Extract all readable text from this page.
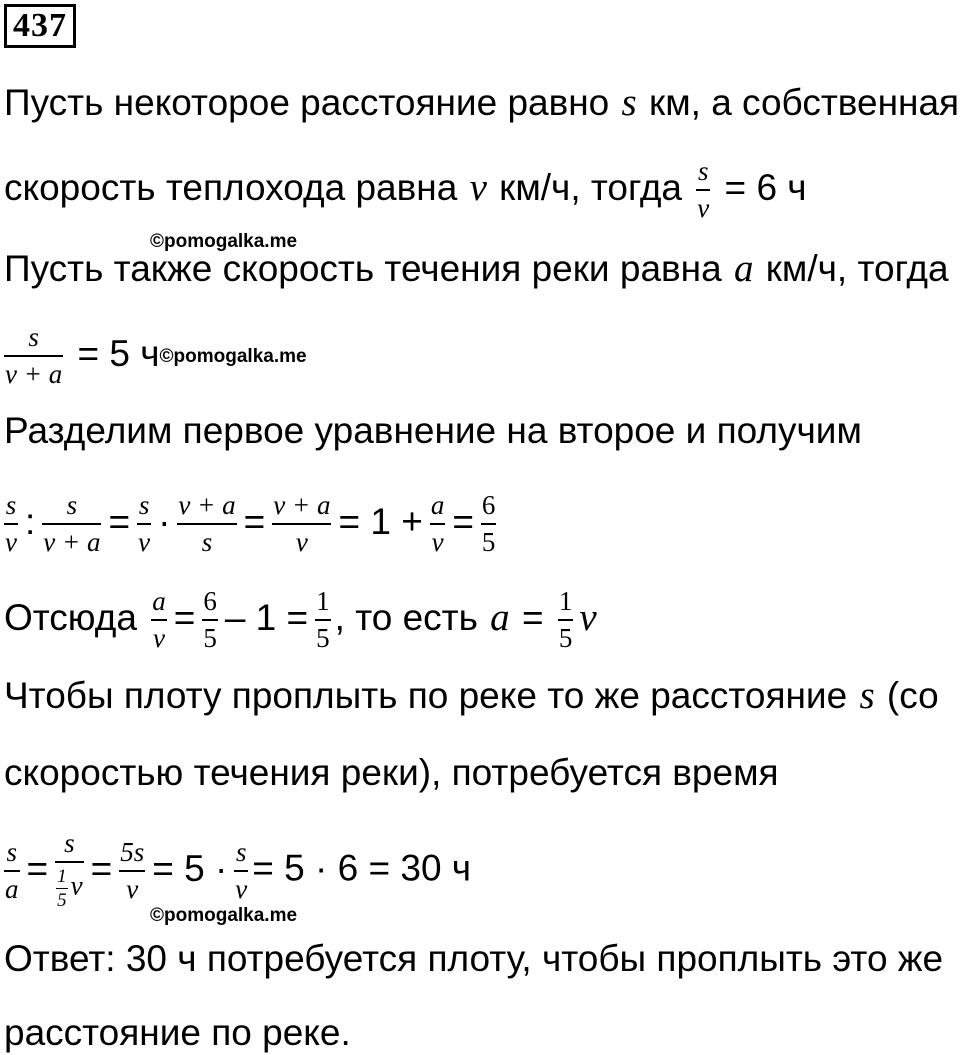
437
Пусть некоторое расстояние равно s км, а собственная
скорость теплохода равна v км/ч, тогда $\frac{s}{v} = 6$ ч
©pomogalka.me
Пусть также скорость течения реки равна a км/ч, тогда
$\frac{s}{v + a} = 5$ ч©pomogalka.me
Разделим первое уравнение на второе и получим
$\frac{s}{v}$ : $\frac{s}{v + a} = \frac{s}{v} \cdot \frac{v + a}{s} = \frac{v + a}{v} = 1 + \frac{a}{v} = \frac{6}{5}$
Отсюда $\frac{a}{v} = \frac{6}{5} - 1 = \frac{1}{5}$ , то есть $a = \frac{1}{5}$ v
Чтобы плоту проплыть по реке то же расстояние s (со
скоростью течения реки), потребуется время
$\frac{s}{a} = \frac{s}{\frac{1}{5} v} = \frac{5s}{v} = 5 \cdot \frac{s}{v} = 5 \cdot 6 = 30$ ч
©pomogalka.me
Ответ: 30 ч потребуется плоту, чтобы проплыть это же
расстояние по реке.
